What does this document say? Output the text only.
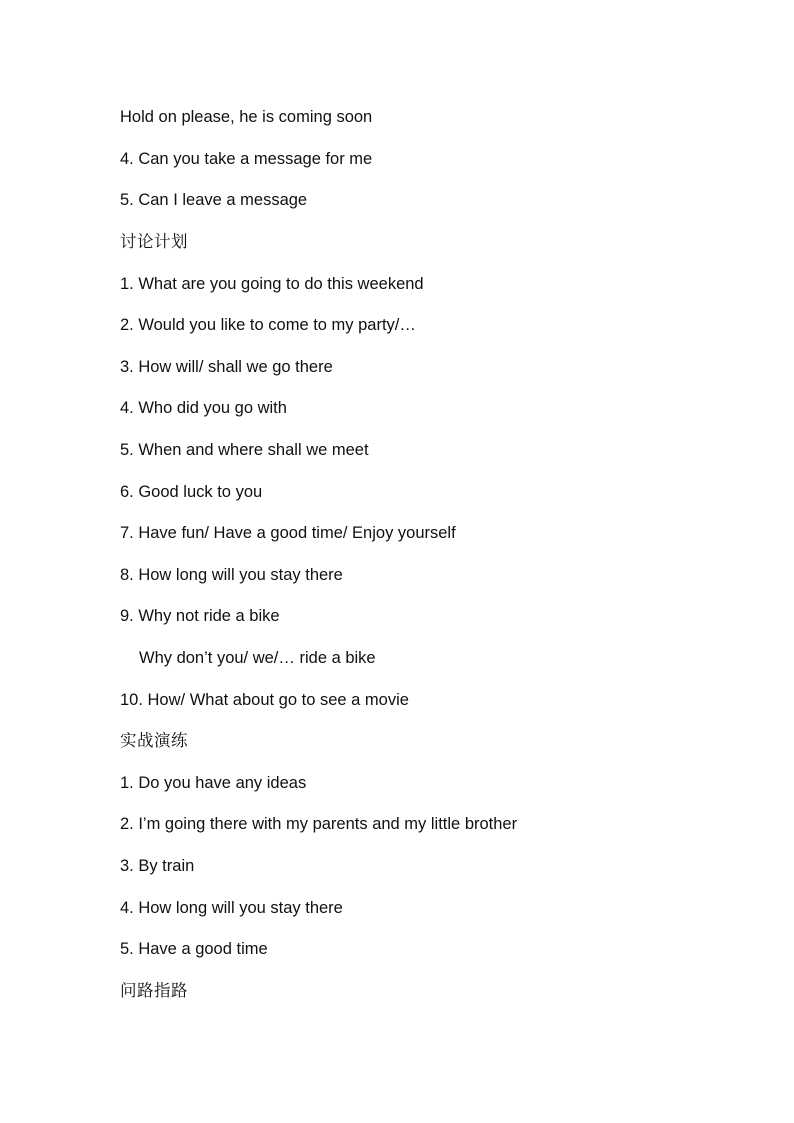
Hold on please, he is coming soon
4. Can you take a message for me
5. Can I leave a message
讨论计划
1. What are you going to do this weekend
2. Would you like to come to my party/…
3. How will/ shall we go there
4. Who did you go with
5. When and where shall we meet
6. Good luck to you
7. Have fun/ Have a good time/ Enjoy yourself
8. How long will you stay there
9. Why not ride a bike
Why don’t you/ we/… ride a bike
10. How/ What about go to see a movie
实战演练
1. Do you have any ideas
2. I’m going there with my parents and my little brother
3. By train
4. How long will you stay there
5. Have a good time
问路指路
